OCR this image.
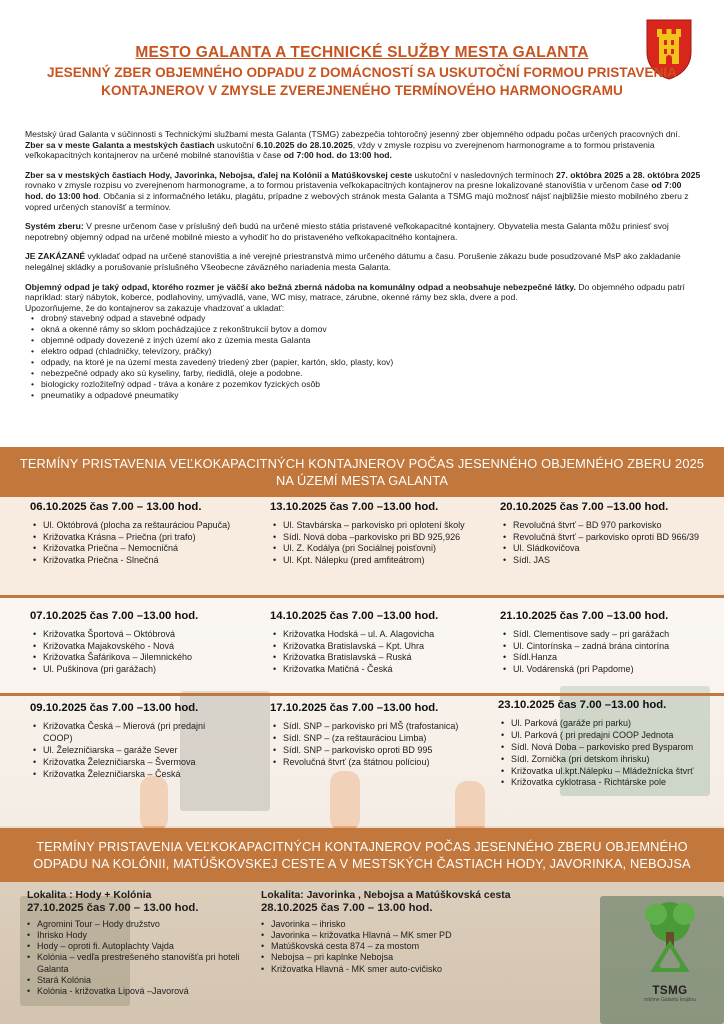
MESTO GALANTA A TECHNICKÉ SLUŽBY MESTA GALANTA
JESENNÝ ZBER OBJEMNÉHO ODPADU Z DOMÁCNOSTÍ SA USKUTOČNÍ FORMOU PRISTAVENIA KONTAJNEROV V ZMYSLE ZVEREJNENÉHO TERMÍNOVÉHO HARMONOGRAMU

Mestský úrad Galanta v súčinnosti s Technickými službami mesta Galanta (TSMG) zabezpečia tohtoročný jesenný zber objemného odpadu počas určených pracovných dní.

Zber sa v meste Galanta a mestských častiach uskutoční 6.10.2025 do 28.10.2025, vždy v zmysle rozpisu vo zverejnenom harmonograme a to formou pristavenia veľkokapacitných kontajnerov na určené mobilné stanovištia v čase od 7:00 hod. do 13:00 hod.

Zber sa v mestských častiach Hody, Javorinka, Nebojsa, ďalej na Kolónii a Matúškovskej ceste uskutoční v nasledovných termínoch 27. októbra 2025 a 28. októbra 2025 rovnako v zmysle rozpisu vo zverejnenom harmonograme, a to formou pristavenia veľkokapacitných kontajnerov na presne lokalizované stanovištia v určenom čase od 7:00 hod. do 13:00 hod. Občania si z informačného letáku, plagátu, prípadne z webových stránok mesta Galanta a TSMG majú možnosť nájsť najbližšie miesto mobilného zberu z vopred určených stanovíšť a termínov.

Systém zberu: V presne určenom čase v príslušný deň budú na určené miesto státia pristavené veľkokapacitné kontajnery. Obyvatelia mesta Galanta môžu priniesť svoj nepotrebný objemný odpad na určené mobilné miesto a vyhodiť ho do pristaveného veľkokapacitného kontajnera.

JE ZAKÁZANÉ vykladať odpad na určené stanovištia a iné verejné priestranstvá mimo určeného dátumu a času. Porušenie zákazu bude posudzované MsP ako zakladanie nelegálnej skládky a porušovanie príslušného Všeobecne záväzného nariadenia mesta Galanta.

Objemný odpad je taký odpad, ktorého rozmer je väčší ako bežná zberná nádoba na komunálny odpad a neobsahuje nebezpečné látky. Do objemného odpadu patrí napríklad: starý nábytok, koberce, podlahoviny, umývadlá, vane, WC misy, matrace, zárubne, okenné rámy bez skla, dvere a pod.

Upozorňujeme, že do kontajnerov sa zakazuje vhadzovať a ukladať:

• drobný stavebný odpad a stavebné odpady
• okná a okenné rámy so sklom pochádzajúce z rekonštrukcií bytov a domov
• objemné odpady dovezené z iných území ako z územia mesta Galanta
• elektro odpad (chladničky, televízory, práčky)
• odpady, na ktoré je na území mesta zavedený triedený zber (papier, kartón, sklo, plasty, kov)
• nebezpečné odpady ako sú kyseliny, farby, riedidlá, oleje a podobne.
• biologicky rozložiteľný odpad - tráva a konáre z pozemkov fyzických osôb
• pneumatiky a odpadové pneumatiky
TERMÍNY PRISTAVENIA VEĽKOKAPACITNÝCH KONTAJNEROV POČAS JESENNÉHO OBJEMNÉHO ZBERU 2025
NA ÚZEMÍ MESTA GALANTA
06.10.2025 čas 7.00 – 13.00 hod.
• Ul. Októbrová (plocha za reštauráciou Papuča)
• Križovatka Krásna – Priečna (pri trafo)
• Križovatka Priečna – Nemocničná
• Križovatka Priečna - Slnečná
13.10.2025 čas 7.00 –13.00 hod.
• Ul. Stavbárska – parkovisko pri oplotení školy
• Sídl. Nová doba –parkovisko pri BD 925,926
• Ul. Z. Kodálya (pri Sociálnej poisťovni)
• Ul. Kpt. Nálepku (pred amfiteátrom)
20.10.2025 čas 7.00 –13.00 hod.
• Revolučná štvrť – BD 970 parkovisko
• Revolučná štvrť – parkovisko oproti BD 966/39
• Ul. Sládkovičova
• Sídl. JAS
07.10.2025 čas 7.00 –13.00 hod.
• Križovatka Športová – Októbrová
• Križovatka Majakovského - Nová
• Križovatka Šafárikova – Jilemnického
• Ul. Puškinova (pri garážach)
14.10.2025 čas 7.00 –13.00 hod.
• Križovatka Hodská – ul. A. Alagovicha
• Križovatka Bratislavská – Kpt. Uhra
• Križovatka Bratislavská – Ruská
• Križovatka Matičná - Česká
21.10.2025 čas 7.00 –13.00 hod.
• Sídl. Clementisove sady – pri garážach
• Ul. Cintorínska – zadná brána cintorína
• Sídl.Hanza
• Ul. Vodárenská (pri Papdome)
09.10.2025 čas 7.00 –13.00 hod.
• Križovatka Česká – Mierová (pri predajni COOP)
• Ul. Železničiarska – garáže Sever
• Križovatka Železničiarska – Švermova
• Križovatka Železničiarska – Česká
17.10.2025 čas 7.00 –13.00 hod.
• Sídl. SNP – parkovisko pri MŠ (trafostanica)
• Sídl. SNP – (za reštauráciou Limba)
• Sídl. SNP – parkovisko oproti BD 995
• Revolučná štvrť (za štátnou políciou)
23.10.2025 čas 7.00 –13.00 hod.
• Ul. Parková (garáže pri parku)
• Ul. Parková ( pri predajni COOP Jednota
• Sídl. Nová Doba – parkovisko pred Bysparom
• Sídl. Zornička (pri detskom ihrisku)
• Križovatka ul.kpt.Nálepku – Mládežnícka štvrť
• Križovatka cyklotrasa - Richtárske pole
TERMÍNY PRISTAVENIA VEĽKOKAPACITNÝCH KONTAJNEROV POČAS JESENNÉHO ZBERU OBJEMNÉHO
ODPADU NA KOLÓNII, MATÚŠKOVSKEJ CESTE A V MESTSKÝCH ČASTIACH HODY, JAVORINKA, NEBOJSA
Lokalita : Hody + Kolónia
27.10.2025 čas 7.00 – 13.00 hod.
• Agromini Tour – Hody družstvo
• Ihrisko Hody
• Hody – oproti fi. Autoplachty Vajda
• Kolónia – vedľa prestrešeného stanovišťa pri hoteli Galanta
• Stará Kolónia
• Kolónia - križovatka Lipová –Javorová
Lokalita: Javorinka , Nebojsa a Matúškovská cesta
28.10.2025 čas 7.00 – 13.00 hod.
• Javorinka – ihrisko
• Javorinka – križovatka Hlavná – MK smer PD
• Matúškovská cesta 874 – za mostom
• Nebojsa – pri kaplnke Nebojsa
• Križovatka Hlavná - MK smer auto-cvičisko
TSMG
robíme Galantu krajšou
